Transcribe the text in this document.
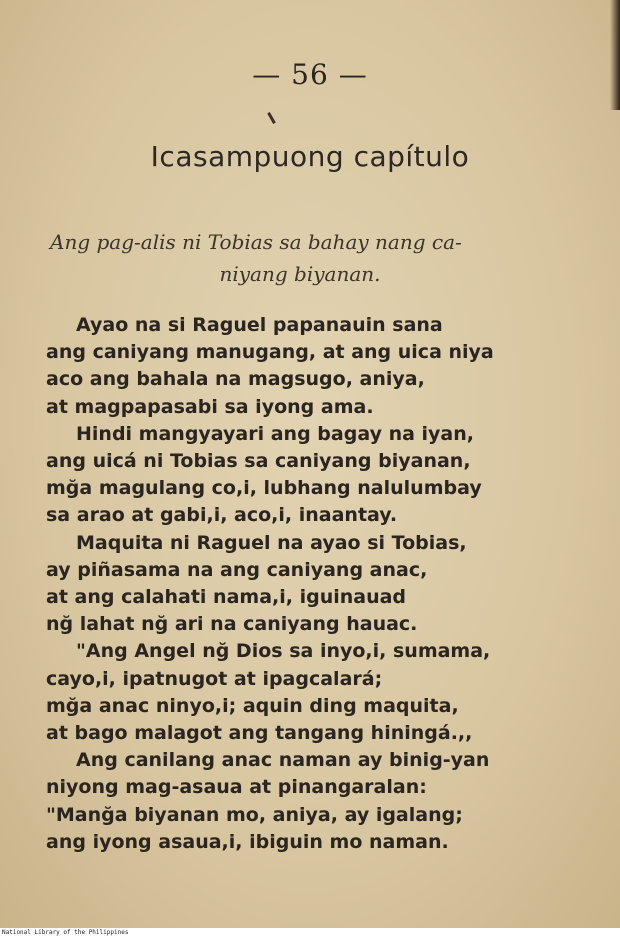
— 56 —
Icasampuong capítulo
Ang pag-alis ni Tobias sa bahay nang ca-
niyang biyanan.
Ayao na si Raguel papanauin sana
ang caniyang manugang, at ang uica niya
aco ang bahala na magsugo, aniya,
at magpapasabi sa iyong ama.
Hindi mangyayari ang bagay na iyan,
ang uicá ni Tobias sa caniyang biyanan,
mğa magulang co,i, lubhang nalulumbay
sa arao at gabi,i, aco,i, inaantay.
Maquita ni Raguel na ayao si Tobias,
ay piñasama na ang caniyang anac,
at ang calahati nama,i, iguinauad
nğ lahat nğ ari na caniyang hauac.
"Ang Angel nğ Dios sa inyo,i, sumama,
cayo,i, ipatnugot at ipagcalará;
mğa anac ninyo,i; aquin ding maquita,
at bago malagot ang tangang hiningá.,,
Ang canilang anac naman ay binig-yan
niyong mag-asaua at pinangaralan:
"Manğa biyanan mo, aniya, ay igalang;
ang iyong asaua,i, ibiguin mo naman.
National Library of the Philippines
